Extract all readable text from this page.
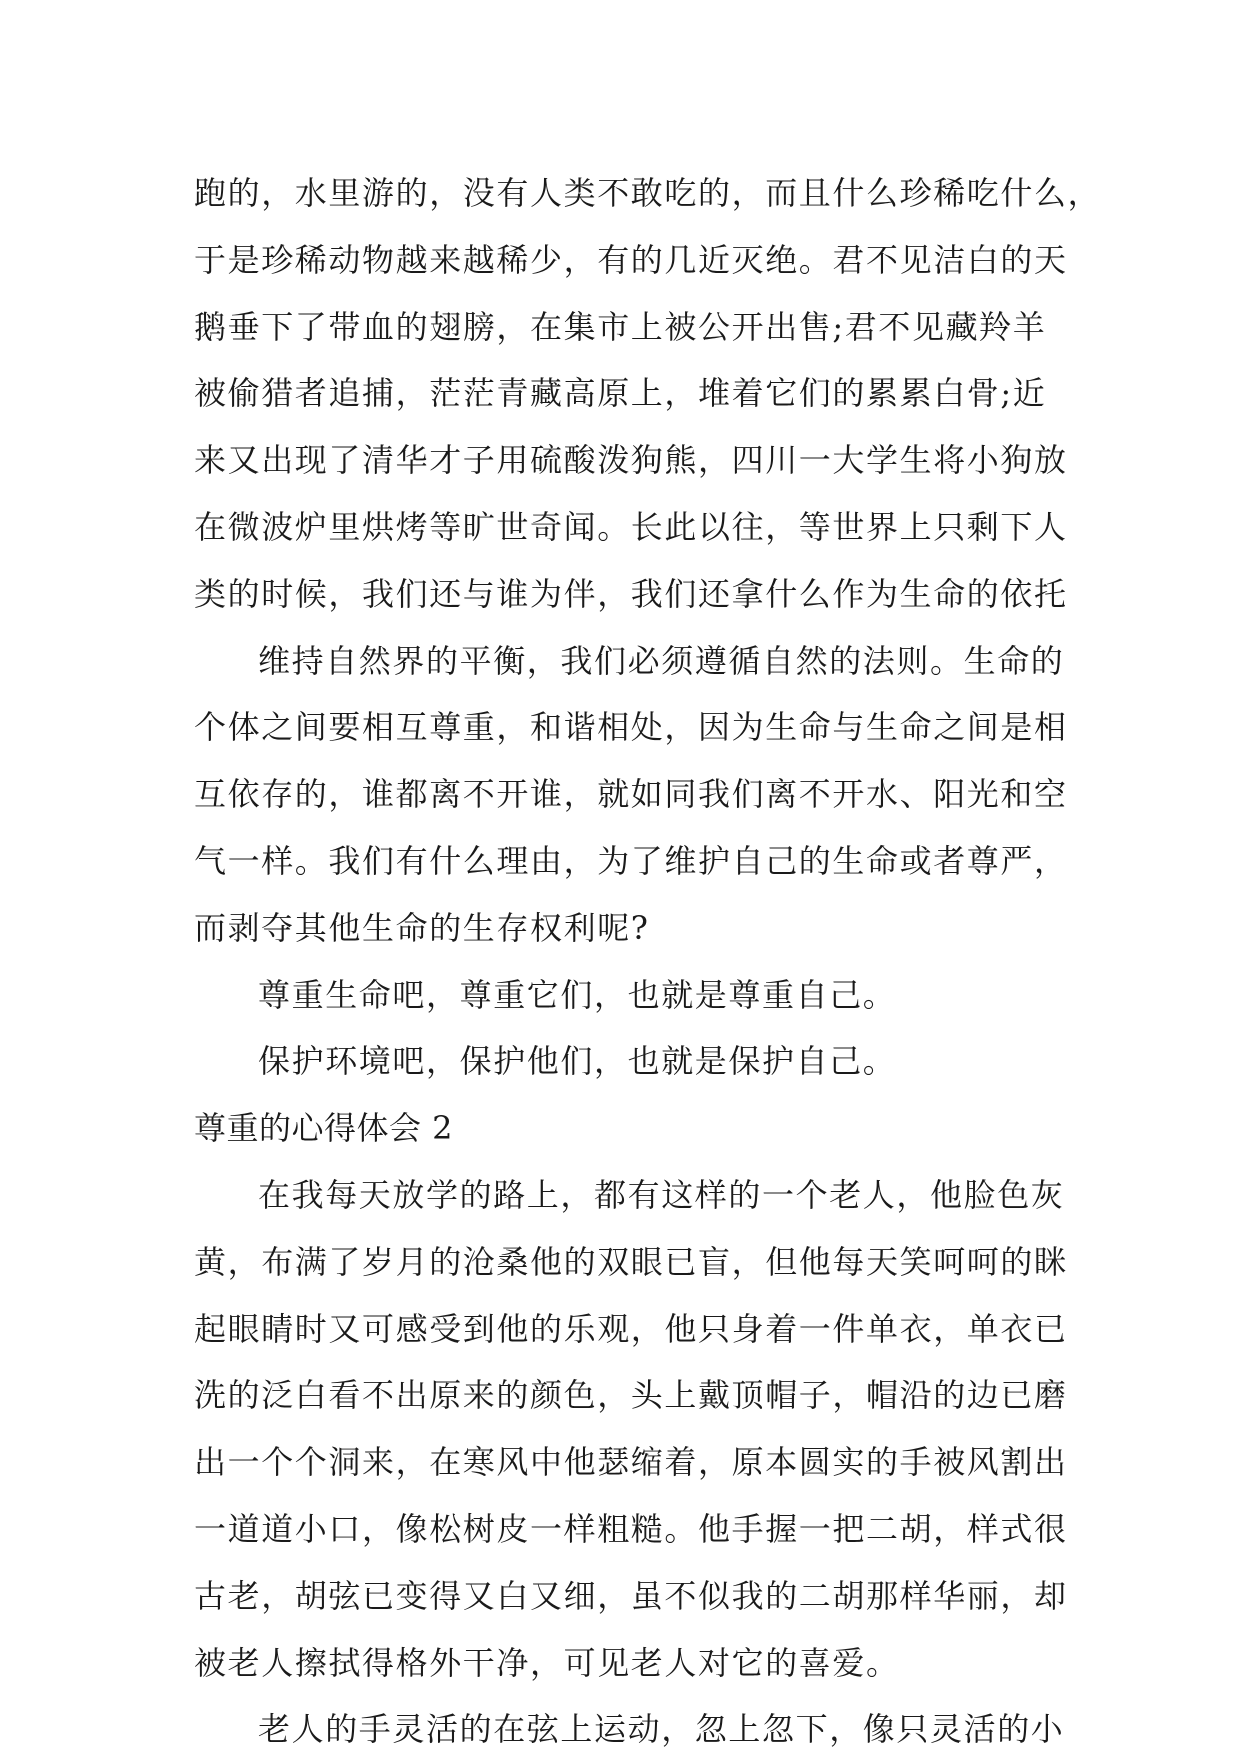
跑的，水里游的，没有人类不敢吃的，而且什么珍稀吃什么，
于是珍稀动物越来越稀少，有的几近灭绝。君不见洁白的天
鹅垂下了带血的翅膀，在集市上被公开出售;君不见藏羚羊
被偷猎者追捕，茫茫青藏高原上，堆着它们的累累白骨;近
来又出现了清华才子用硫酸泼狗熊，四川一大学生将小狗放
在微波炉里烘烤等旷世奇闻。长此以往，等世界上只剩下人
类的时候，我们还与谁为伴，我们还拿什么作为生命的依托
维持自然界的平衡，我们必须遵循自然的法则。生命的
个体之间要相互尊重，和谐相处，因为生命与生命之间是相
互依存的，谁都离不开谁，就如同我们离不开水、阳光和空
气一样。我们有什么理由，为了维护自己的生命或者尊严，
而剥夺其他生命的生存权利呢?
尊重生命吧，尊重它们，也就是尊重自己。
保护环境吧，保护他们，也就是保护自己。
尊重的心得体会 2
在我每天放学的路上，都有这样的一个老人，他脸色灰
黄，布满了岁月的沧桑他的双眼已盲，但他每天笑呵呵的眯
起眼睛时又可感受到他的乐观，他只身着一件单衣，单衣已
洗的泛白看不出原来的颜色，头上戴顶帽子，帽沿的边已磨
出一个个洞来，在寒风中他瑟缩着，原本圆实的手被风割出
一道道小口，像松树皮一样粗糙。他手握一把二胡，样式很
古老，胡弦已变得又白又细，虽不似我的二胡那样华丽，却
被老人擦拭得格外干净，可见老人对它的喜爱。
老人的手灵活的在弦上运动，忽上忽下，像只灵活的小
